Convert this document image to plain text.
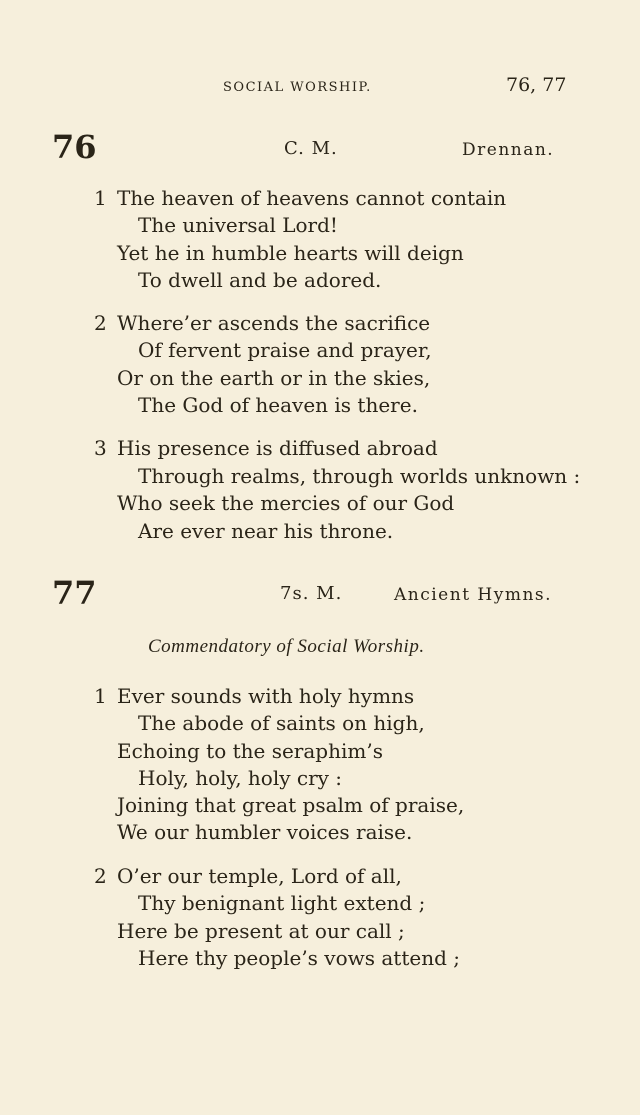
SOCIAL WORSHIP.	76, 77
76	C. M.	Drennan.
1 The heaven of heavens cannot contain
The universal Lord!
Yet he in humble hearts will deign
To dwell and be adored.
2 Where’er ascends the sacrifice
Of fervent praise and prayer,
Or on the earth or in the skies,
The God of heaven is there.
3 His presence is diffused abroad
Through realms, through worlds unknown :
Who seek the mercies of our God
Are ever near his throne.
77	7s. M.	Ancient Hymns.
Commendatory of Social Worship.
1 Ever sounds with holy hymns
The abode of saints on high,
Echoing to the seraphim’s
Holy, holy, holy cry :
Joining that great psalm of praise,
We our humbler voices raise.
2 O’er our temple, Lord of all,
Thy benignant light extend ;
Here be present at our call ;
Here thy people’s vows attend ;
